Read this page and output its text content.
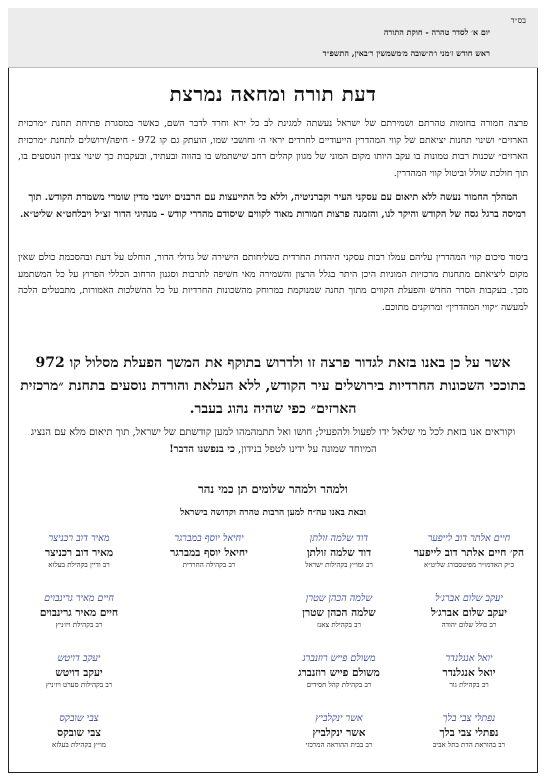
בס״ד
יום א׳ לסדר טהרה - חוקת התורה
ראש חודש ז׳מני ו׳ה׳שובה מ׳משמשין ר׳באין, התשפ״ד
דעת תורה ומחאה נמרצת

פרצה חמורה בחומות טהרתם ושמירתם של ישראל נעשתה למגינת לב כל ירא וחרד לדבר השם, כאשר במסגרת פתיחת תחנת ״מרכזית הארזים״ ושינוי תחנות יציאתם של קווי המהדרין הייעודיים לחרדים יראי ה׳ וחושבי שמו, הועתק גם קו 972 - חיפה/ירושלים לתחנת ״מרכזית הארזים״ שכנות רבות טמונות בו עקב היותו מקום המוני של מגוון קהלים רחב שישתמש בו בהווה ובעתיד, ובעקבות כך שינוי צביון הנוסעים בו, תוך חולכת שולל וביטול קווי המהדרין.

המהלך החמור נעשה ללא תיאום עם עסקני העיר וקברניטיה, וללא כל התייעצות עם הרבנים יושבי מדין שומרי משמרת הקודש. תוך רמיסה ברגל גסה של הקודש והיקר לנו, והזמנה פרצות חמורות מאוד לקווים שיסודם מהררי קודש - מנהיגי הדור זצ״ל ויבלחט״א שליט״א.

ביסוד סיכום קווי המהדרין עליהם עמלו רבות עסקני היהדות החרדית בשליחותם הישירה של גדולי הדור, הוחלט על דעת ובהסכמת כולם שאין מקום ליציאתם מתחנות מרכזיות המוניות היכן היתר בגלל הרצון והשמירה מאי חשיפה לתרבות וסגנון הרחוב הכללי הפרוץ על כל המשתמע מכך. בעקבות הסדר החדש והפעלת הקווים מתוך תחנה שמנוקמת במרוחק מהשכונות החרדיות על כל ההשלכות האמורות, מתבטלים הלכה למעשה ״קווי המהדרין״ ומרוקנים מתוכם.

אשר על כן באנו בזאת לגדור פרצה זו ולדרוש בתוקף את המשך הפעלת מסלול קו 972 בתוככי השכונות החרדיות בירושלים עיר הקודש, ללא העלאת והורדת נוסעים בתחנת ״מרכזית הארזים״ כפי שהיה נהוג בעבר.

וקוראים אנו בזאת לכל מי שלאל ידו לפעול ולהפעיל; חושו ואל תתמהמהו למען קודשתם של ישראל, תוך תיאום מלא עם הנציג המיוחד שמונה על ידינו לטפל בנידון, כי בנפשנו הדבר!

ולמהר ולמהר שלומים תן כמי נהר
ובאת באנו עה״ח למען הרבות טהרה וקדושה בישראל
חיים אלתר דוב לייפער
הק׳ חיים אלתר דוב לייפער
כ״ק האדמו״ר מפיטסבורג שליט״א
דוד שלמה זולתן
דוד שלמה זולתן
רב ומו״ץ בקהילות ישראל
יחיאל יוסף במברגר
יחיאל יוסף במברגר
רב בקהילה החרדית
מאיר דוב רכניצר
מאיר דוב רכניצר
רב ודיין בקהילת בעלזא
יעקב שלום אברג׳ל
יעקב שלום אברג׳ל
רב כולל שלום יהודה
שלמה הכהן שטרן
שלמה הכהן שטרן
רב בקהילת צאנז
חיים מאיר גרינבוים
חיים מאיר גרינבוים
רב בקהילת ויז׳ניץ
יואל אנגלנדר
יואל אנגלנדר
רב בקהילת גור
משולם פייש רוזנברג
משולם פייש רוזנברג
רב בקהילת קהל חסידים
יעקב דויטש
יעקב דויטש
רב בקהילות סערט ויז׳ניץ
נפתלי צבי בלך
נפתלי צבי בלך
רב בהוראת הדת בתל אביב
אשר ינקלביץ
אשר ינקלביץ
רב בבית ההוראה המרכזי
צבי שובקס
צבי שובקס
מו״ץ בקהילת בעלזא
